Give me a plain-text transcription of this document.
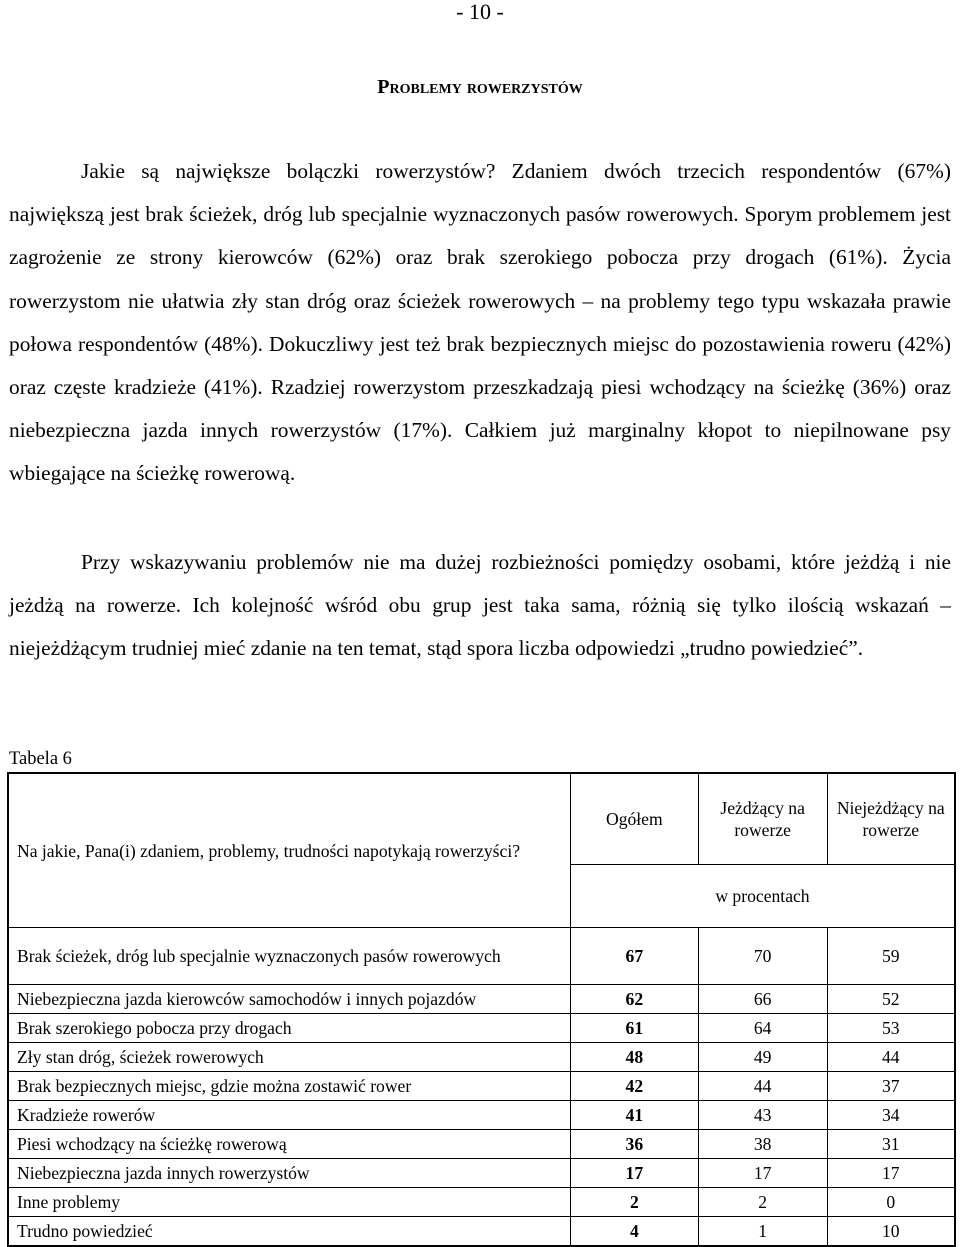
- 10 -
Problemy rowerzystów

Jakie są największe bolączki rowerzystów? Zdaniem dwóch trzecich respondentów (67%) największą jest brak ścieżek, dróg lub specjalnie wyznaczonych pasów rowerowych. Sporym problemem jest zagrożenie ze strony kierowców (62%) oraz brak szerokiego pobocza przy drogach (61%). Życia rowerzystom nie ułatwia zły stan dróg oraz ścieżek rowerowych – na problemy tego typu wskazała prawie połowa respondentów (48%). Dokuczliwy jest też brak bezpiecznych miejsc do pozostawienia roweru (42%) oraz częste kradzieże (41%). Rzadziej rowerzystom przeszkadzają piesi wchodzący na ścieżkę (36%) oraz niebezpieczna jazda innych rowerzystów (17%). Całkiem już marginalny kłopot to niepilnowane psy wbiegające na ścieżkę rowerową.

Przy wskazywaniu problemów nie ma dużej rozbieżności pomiędzy osobami, które jeżdżą i nie jeżdżą na rowerze. Ich kolejność wśród obu grup jest taka sama, różnią się tylko ilością wskazań – niejeżdżącym trudniej mieć zdanie na ten temat, stąd spora liczba odpowiedzi „trudno powiedzieć”.

Tabela 6
Na jakie, Pana(i) zdaniem, problemy, trudności napotykają rowerzyści?	Ogółem	Jeżdżący na rowerze	Niejeżdżący na rowerze
	w procentach		
Brak ścieżek, dróg lub specjalnie wyznaczonych pasów rowerowych	67	70	59
Niebezpieczna jazda kierowców samochodów i innych pojazdów	62	66	52
Brak szerokiego pobocza przy drogach	61	64	53
Zły stan dróg, ścieżek rowerowych	48	49	44
Brak bezpiecznych miejsc, gdzie można zostawić rower	42	44	37
Kradzieże rowerów	41	43	34
Piesi wchodzący na ścieżkę rowerową	36	38	31
Niebezpieczna jazda innych rowerzystów	17	17	17
Inne problemy	2	2	0
Trudno powiedzieć	4	1	10
